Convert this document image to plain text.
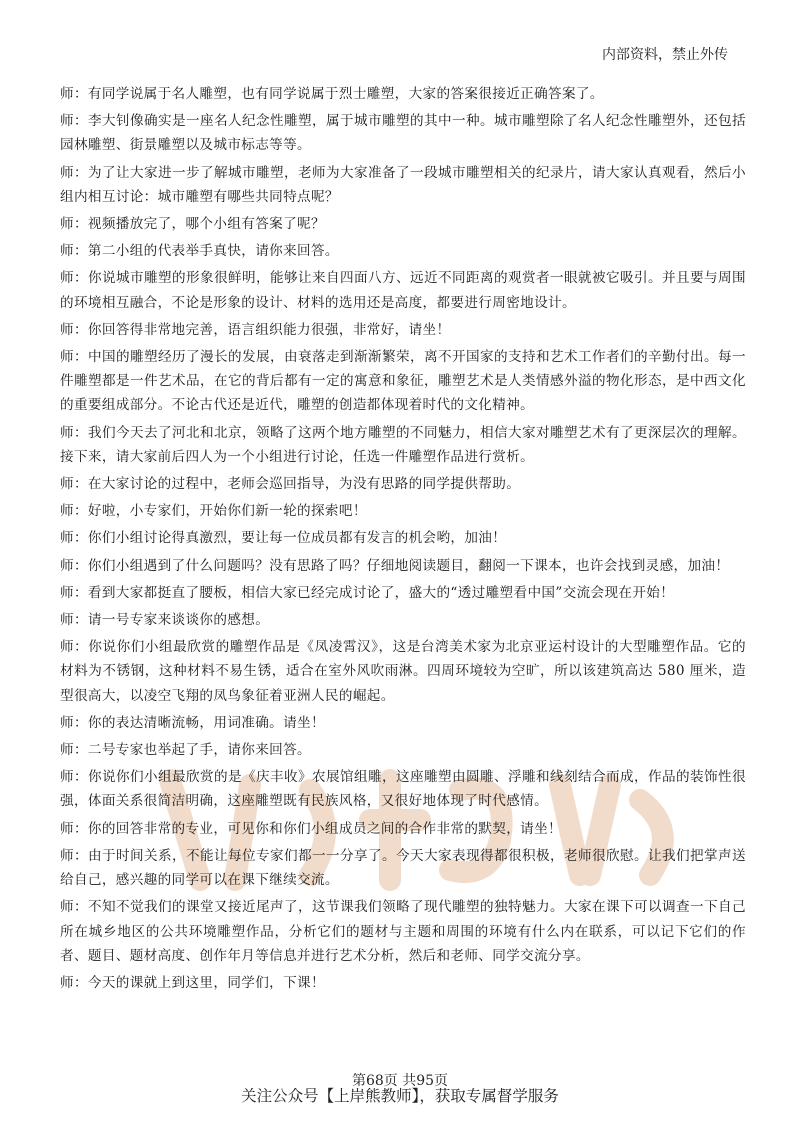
内部资料，禁止外传

师：有同学说属于名人雕塑，也有同学说属于烈士雕塑，大家的答案很接近正确答案了。

师：李大钊像确实是一座名人纪念性雕塑，属于城市雕塑的其中一种。城市雕塑除了名人纪念性雕塑外，还包括园林雕塑、街景雕塑以及城市标志等等。

师：为了让大家进一步了解城市雕塑，老师为大家准备了一段城市雕塑相关的纪录片，请大家认真观看，然后小组内相互讨论：城市雕塑有哪些共同特点呢？

师：视频播放完了，哪个小组有答案了呢？

师：第二小组的代表举手真快，请你来回答。

师：你说城市雕塑的形象很鲜明，能够让来自四面八方、远近不同距离的观赏者一眼就被它吸引。并且要与周围的环境相互融合，不论是形象的设计、材料的选用还是高度，都要进行周密地设计。

师：你回答得非常地完善，语言组织能力很强，非常好，请坐！

师：中国的雕塑经历了漫长的发展，由衰落走到渐渐繁荣，离不开国家的支持和艺术工作者们的辛勤付出。每一件雕塑都是一件艺术品，在它的背后都有一定的寓意和象征，雕塑艺术是人类情感外溢的物化形态，是中西文化的重要组成部分。不论古代还是近代，雕塑的创造都体现着时代的文化精神。

师：我们今天去了河北和北京，领略了这两个地方雕塑的不同魅力，相信大家对雕塑艺术有了更深层次的理解。接下来，请大家前后四人为一个小组进行讨论，任选一件雕塑作品进行赏析。

师：在大家讨论的过程中，老师会巡回指导，为没有思路的同学提供帮助。

师：好啦，小专家们，开始你们新一轮的探索吧！

师：你们小组讨论得真激烈，要让每一位成员都有发言的机会哟，加油！

师：你们小组遇到了什么问题吗？没有思路了吗？仔细地阅读题目，翻阅一下课本，也许会找到灵感，加油！

师：看到大家都挺直了腰板，相信大家已经完成讨论了，盛大的“透过雕塑看中国”交流会现在开始！

师：请一号专家来谈谈你的感想。

师：你说你们小组最欣赏的雕塑作品是《凤凌霄汉》，这是台湾美术家为北京亚运村设计的大型雕塑作品。它的材料为不锈钢，这种材料不易生锈，适合在室外风吹雨淋。四周环境较为空旷，所以该建筑高达 580 厘米，造型很高大，以凌空飞翔的凤鸟象征着亚洲人民的崛起。

师：你的表达清晰流畅，用词准确。请坐！

师：二号专家也举起了手，请你来回答。

师：你说你们小组最欣赏的是《庆丰收》农展馆组雕，这座雕塑由圆雕、浮雕和线刻结合而成，作品的装饰性很强，体面关系很简洁明确，这座雕塑既有民族风格，又很好地体现了时代感情。

师：你的回答非常的专业，可见你和你们小组成员之间的合作非常的默契，请坐！

师：由于时间关系，不能让每位专家们都一一分享了。今天大家表现得都很积极，老师很欣慰。让我们把掌声送给自己，感兴趣的同学可以在课下继续交流。

师：不知不觉我们的课堂又接近尾声了，这节课我们领略了现代雕塑的独特魅力。大家在课下可以调查一下自己所在城乡地区的公共环境雕塑作品，分析它们的题材与主题和周围的环境有什么内在联系，可以记下它们的作者、题目、题材高度、创作年月等信息并进行艺术分析，然后和老师、同学交流分享。

师：今天的课就上到这里，同学们，下课！

第68页 共95页
关注公众号【上岸熊教师】，获取专属督学服务
